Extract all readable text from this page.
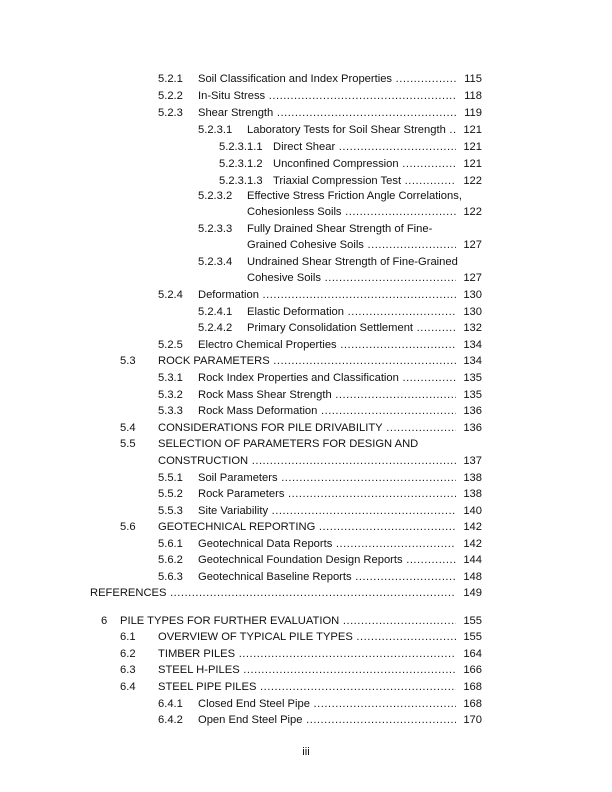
5.2.1 Soil Classification and Index Properties .....	115
5.2.2 In-Situ Stress .....	118
5.2.3 Shear Strength .....	119
5.2.3.1 Laboratory Tests for Soil Shear Strength .....	121
5.2.3.1.1 Direct Shear .....	121
5.2.3.1.2 Unconfined Compression .....	121
5.2.3.1.3 Triaxial Compression Test .....	122
5.2.3.2 Effective Stress Friction Angle Correlations,
Cohesionless Soils .....	122
5.2.3.3 Fully Drained Shear Strength of Fine-
Grained Cohesive Soils .....	127
5.2.3.4 Undrained Shear Strength of Fine-Grained
Cohesive Soils .....	127
5.2.4 Deformation .....	130
5.2.4.1 Elastic Deformation .....	130
5.2.4.2 Primary Consolidation Settlement .....	132
5.2.5 Electro Chemical Properties .....	134
5.3 ROCK PARAMETERS .....	134
5.3.1 Rock Index Properties and Classification .....	135
5.3.2 Rock Mass Shear Strength .....	135
5.3.3 Rock Mass Deformation .....	136
5.4 CONSIDERATIONS FOR PILE DRIVABILITY .....	136
5.5 SELECTION OF PARAMETERS FOR DESIGN AND
CONSTRUCTION .....	137
5.5.1 Soil Parameters .....	138
5.5.2 Rock Parameters .....	138
5.5.3 Site Variability .....	140
5.6 GEOTECHNICAL REPORTING .....	142
5.6.1 Geotechnical Data Reports .....	142
5.6.2 Geotechnical Foundation Design Reports .....	144
5.6.3 Geotechnical Baseline Reports .....	148
REFERENCES .....	149
6 PILE TYPES FOR FURTHER EVALUATION .....	155
6.1 OVERVIEW OF TYPICAL PILE TYPES .....	155
6.2 TIMBER PILES .....	164
6.3 STEEL H-PILES .....	166
6.4 STEEL PIPE PILES .....	168
6.4.1 Closed End Steel Pipe .....	168
6.4.2 Open End Steel Pipe .....	170
iii
